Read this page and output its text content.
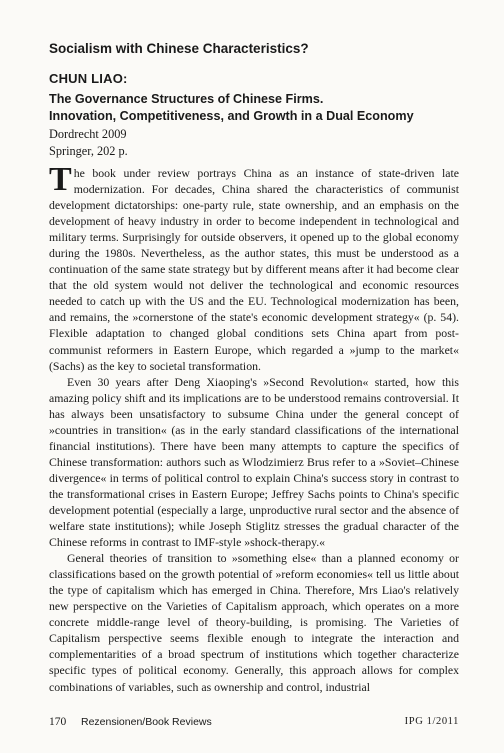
Socialism with Chinese Characteristics?
CHUN LIAO:
The Governance Structures of Chinese Firms.
Innovation, Competitiveness, and Growth in a Dual Economy
Dordrecht 2009
Springer, 202 p.

The book under review portrays China as an instance of state-driven late modernization. For decades, China shared the characteristics of communist development dictatorships: one-party rule, state ownership, and an emphasis on the development of heavy industry in order to become independent in technological and military terms. Surprisingly for outside observers, it opened up to the global economy during the 1980s. Nevertheless, as the author states, this must be understood as a continuation of the same state strategy but by different means after it had become clear that the old system would not deliver the technological and economic resources needed to catch up with the US and the EU. Technological modernization has been, and remains, the »cornerstone of the state's economic development strategy« (p. 54). Flexible adaptation to changed global conditions sets China apart from post-communist reformers in Eastern Europe, which regarded a »jump to the market« (Sachs) as the key to societal transformation.

Even 30 years after Deng Xiaoping's »Second Revolution« started, how this amazing policy shift and its implications are to be understood remains controversial. It has always been unsatisfactory to subsume China under the general concept of »countries in transition« (as in the early standard classifications of the international financial institutions). There have been many attempts to capture the specifics of Chinese transformation: authors such as Wlodzimierz Brus refer to a »Soviet–Chinese divergence« in terms of political control to explain China's success story in contrast to the transformational crises in Eastern Europe; Jeffrey Sachs points to China's specific development potential (especially a large, unproductive rural sector and the absence of welfare state institutions); while Joseph Stiglitz stresses the gradual character of the Chinese reforms in contrast to IMF-style »shock-therapy.«

General theories of transition to »something else« than a planned economy or classifications based on the growth potential of »reform economies« tell us little about the type of capitalism which has emerged in China. Therefore, Mrs Liao's relatively new perspective on the Varieties of Capitalism approach, which operates on a more concrete middle-range level of theory-building, is promising. The Varieties of Capitalism perspective seems flexible enough to integrate the interaction and complementarities of a broad spectrum of institutions which together characterize specific types of political economy. Generally, this approach allows for complex combinations of variables, such as ownership and control, industrial

170 Rezensionen/Book Reviews	IPG 1/2011
